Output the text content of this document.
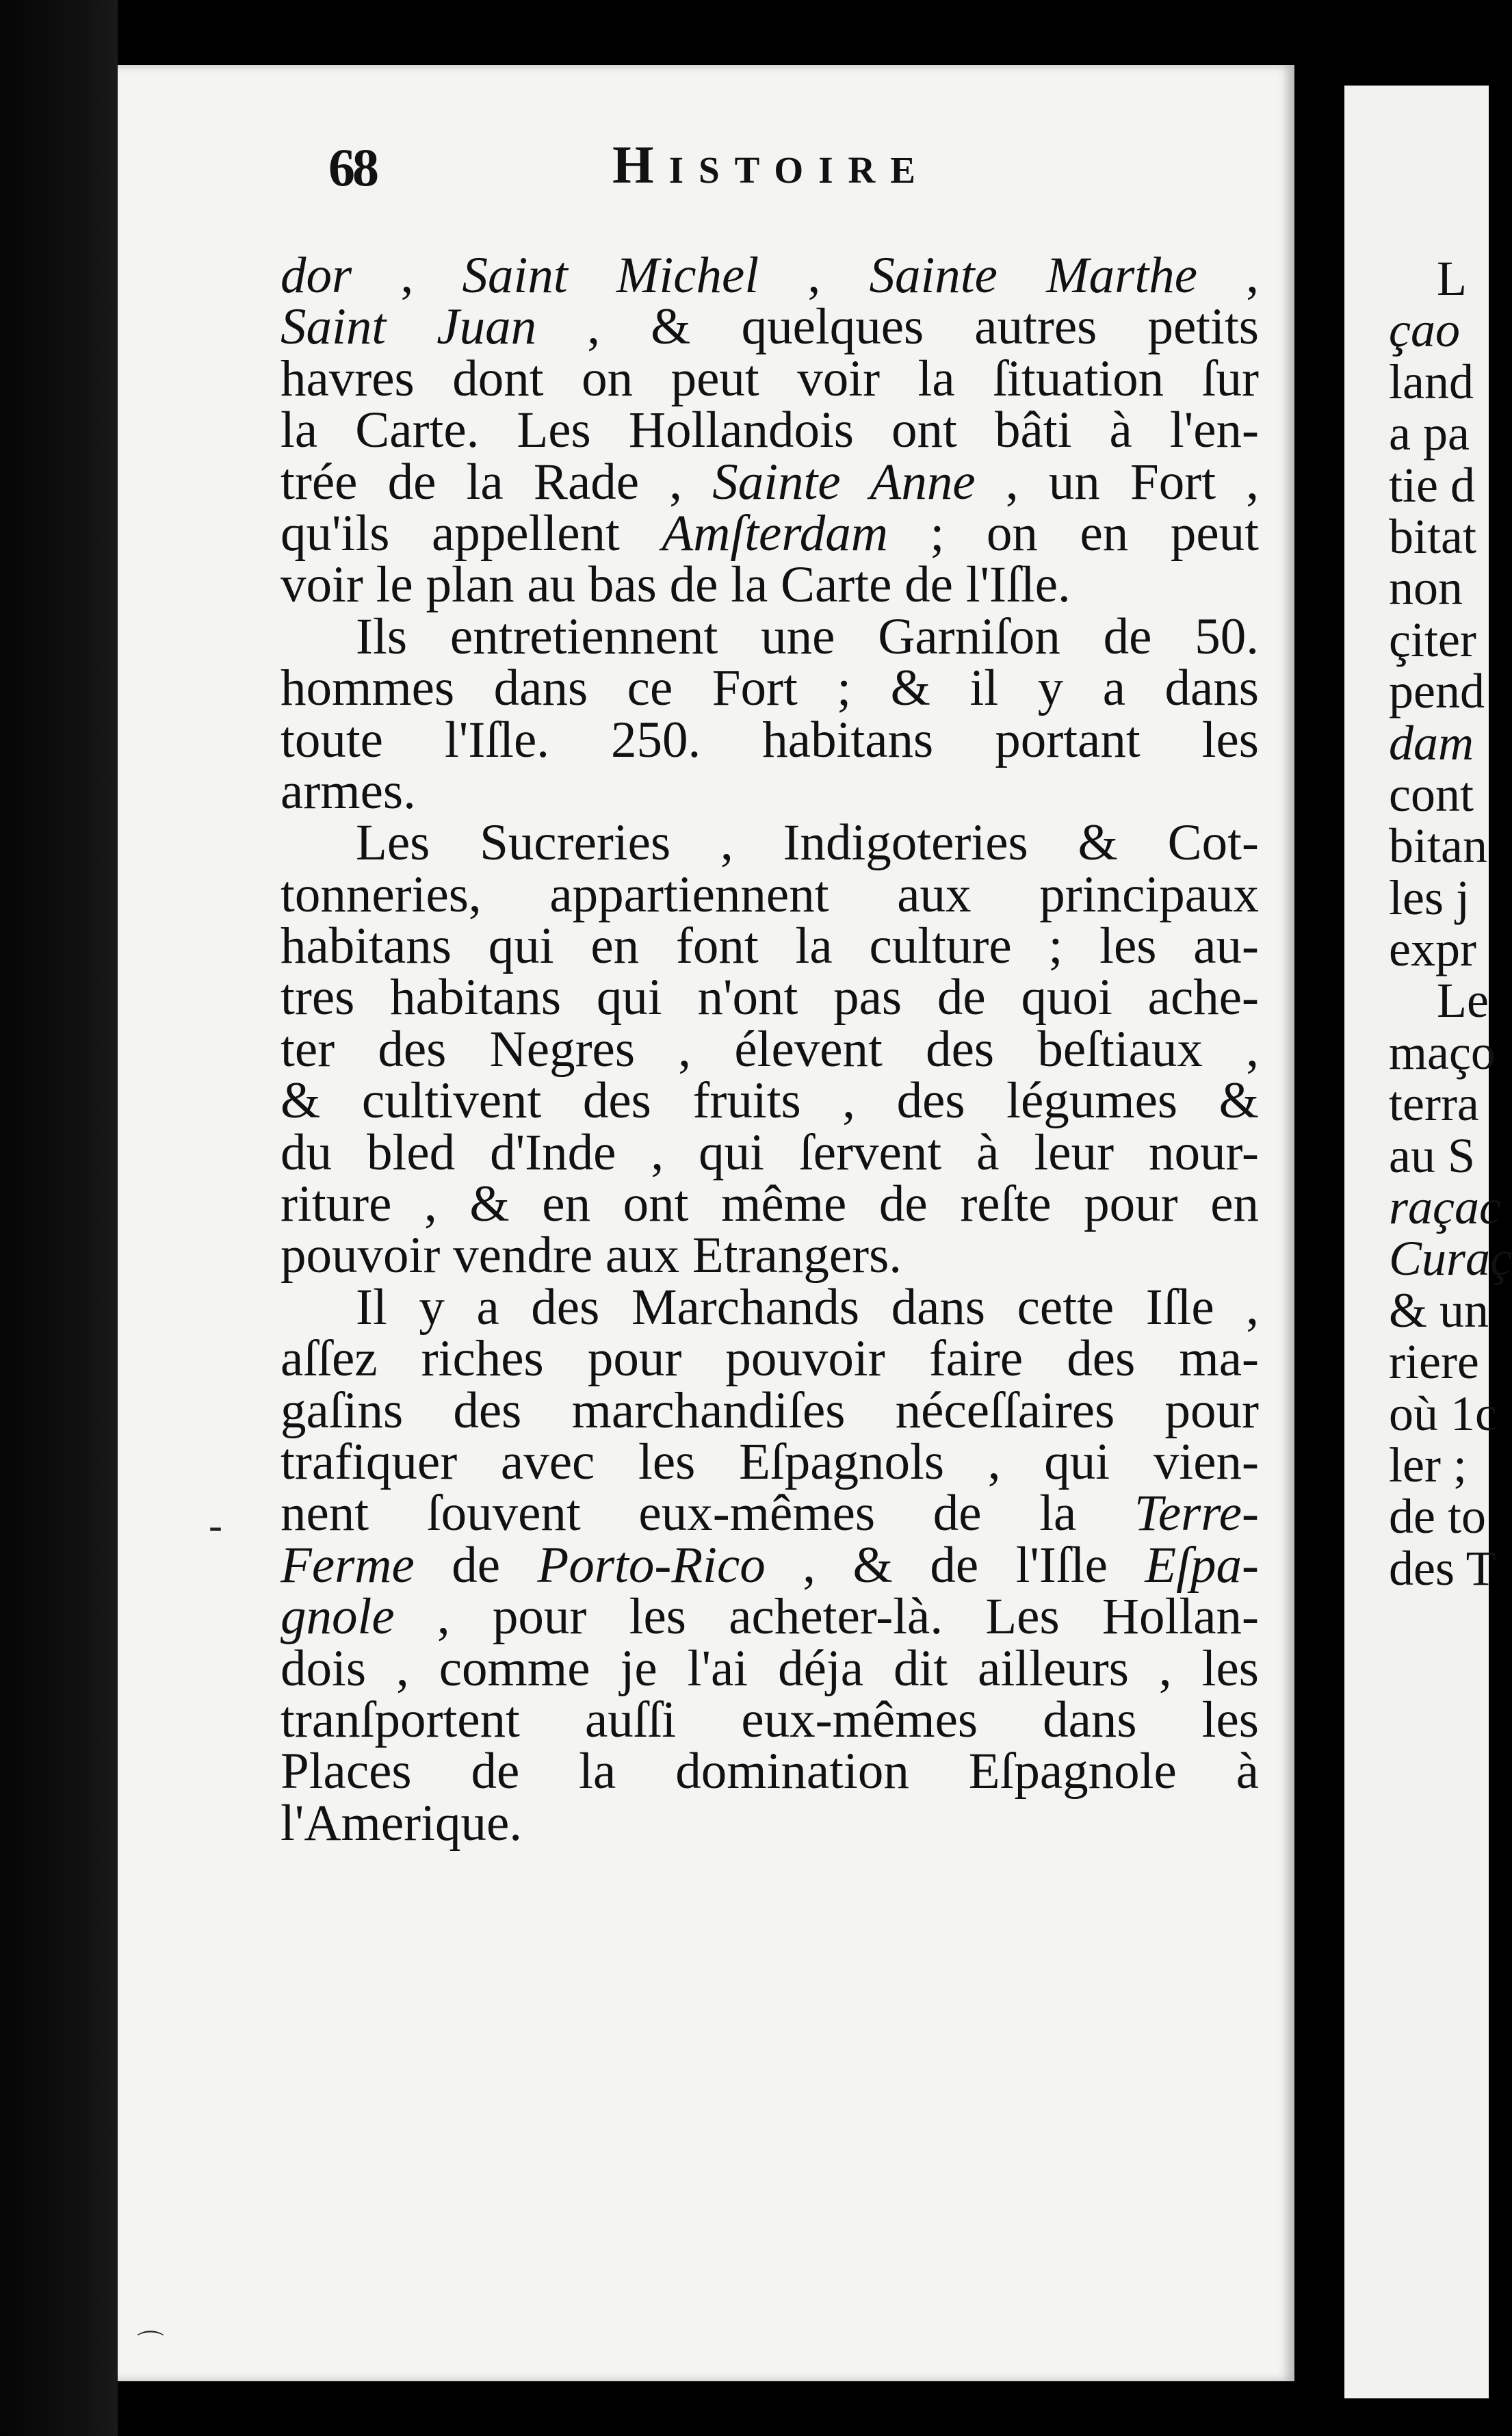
68	Histoire
dor , Saint Michel , Sainte Marthe ,
Saint Juan , & quelques autres petits
havres dont on peut voir la ſituation ſur
la Carte. Les Hollandois ont bâti à l'en-
trée de la Rade , Sainte Anne , un Fort ,
qu'ils appellent Amſterdam ; on en peut
voir le plan au bas de la Carte de l'Iſle.
Ils entretiennent une Garniſon de 50.
hommes dans ce Fort ; & il y a dans
toute l'Iſle. 250. habitans portant les
armes.
Les Sucreries , Indigoteries & Cot-
tonneries, appartiennent aux principaux
habitans qui en font la culture ; les au-
tres habitans qui n'ont pas de quoi ache-
ter des Negres , élevent des beſtiaux ,
& cultivent des fruits , des légumes &
du bled d'Inde , qui ſervent à leur nour-
riture , & en ont même de reſte pour en
pouvoir vendre aux Etrangers.
Il y a des Marchands dans cette Iſle ,
aſſez riches pour pouvoir faire des ma-
gaſins des marchandiſes néceſſaires pour
trafiquer avec les Eſpagnols , qui vien-
nent ſouvent eux-mêmes de la Terre-
Ferme de Porto-Rico , & de l'Iſle Eſpa-
gnole , pour les acheter-là. Les Hollan-
dois , comme je l'ai déja dit ailleurs , les
tranſportent auſſi eux-mêmes dans les
Places de la domination Eſpagnole à
l'Amerique.
L
çao
land
a pa
tie d
bitat
non
çiter
pend
dam
cont
bitan
les j
expr
Le
maço
terra
au S
raçac
Curaç
& un
riere
où 1c
ler ;
de to
des T
-
⌒
